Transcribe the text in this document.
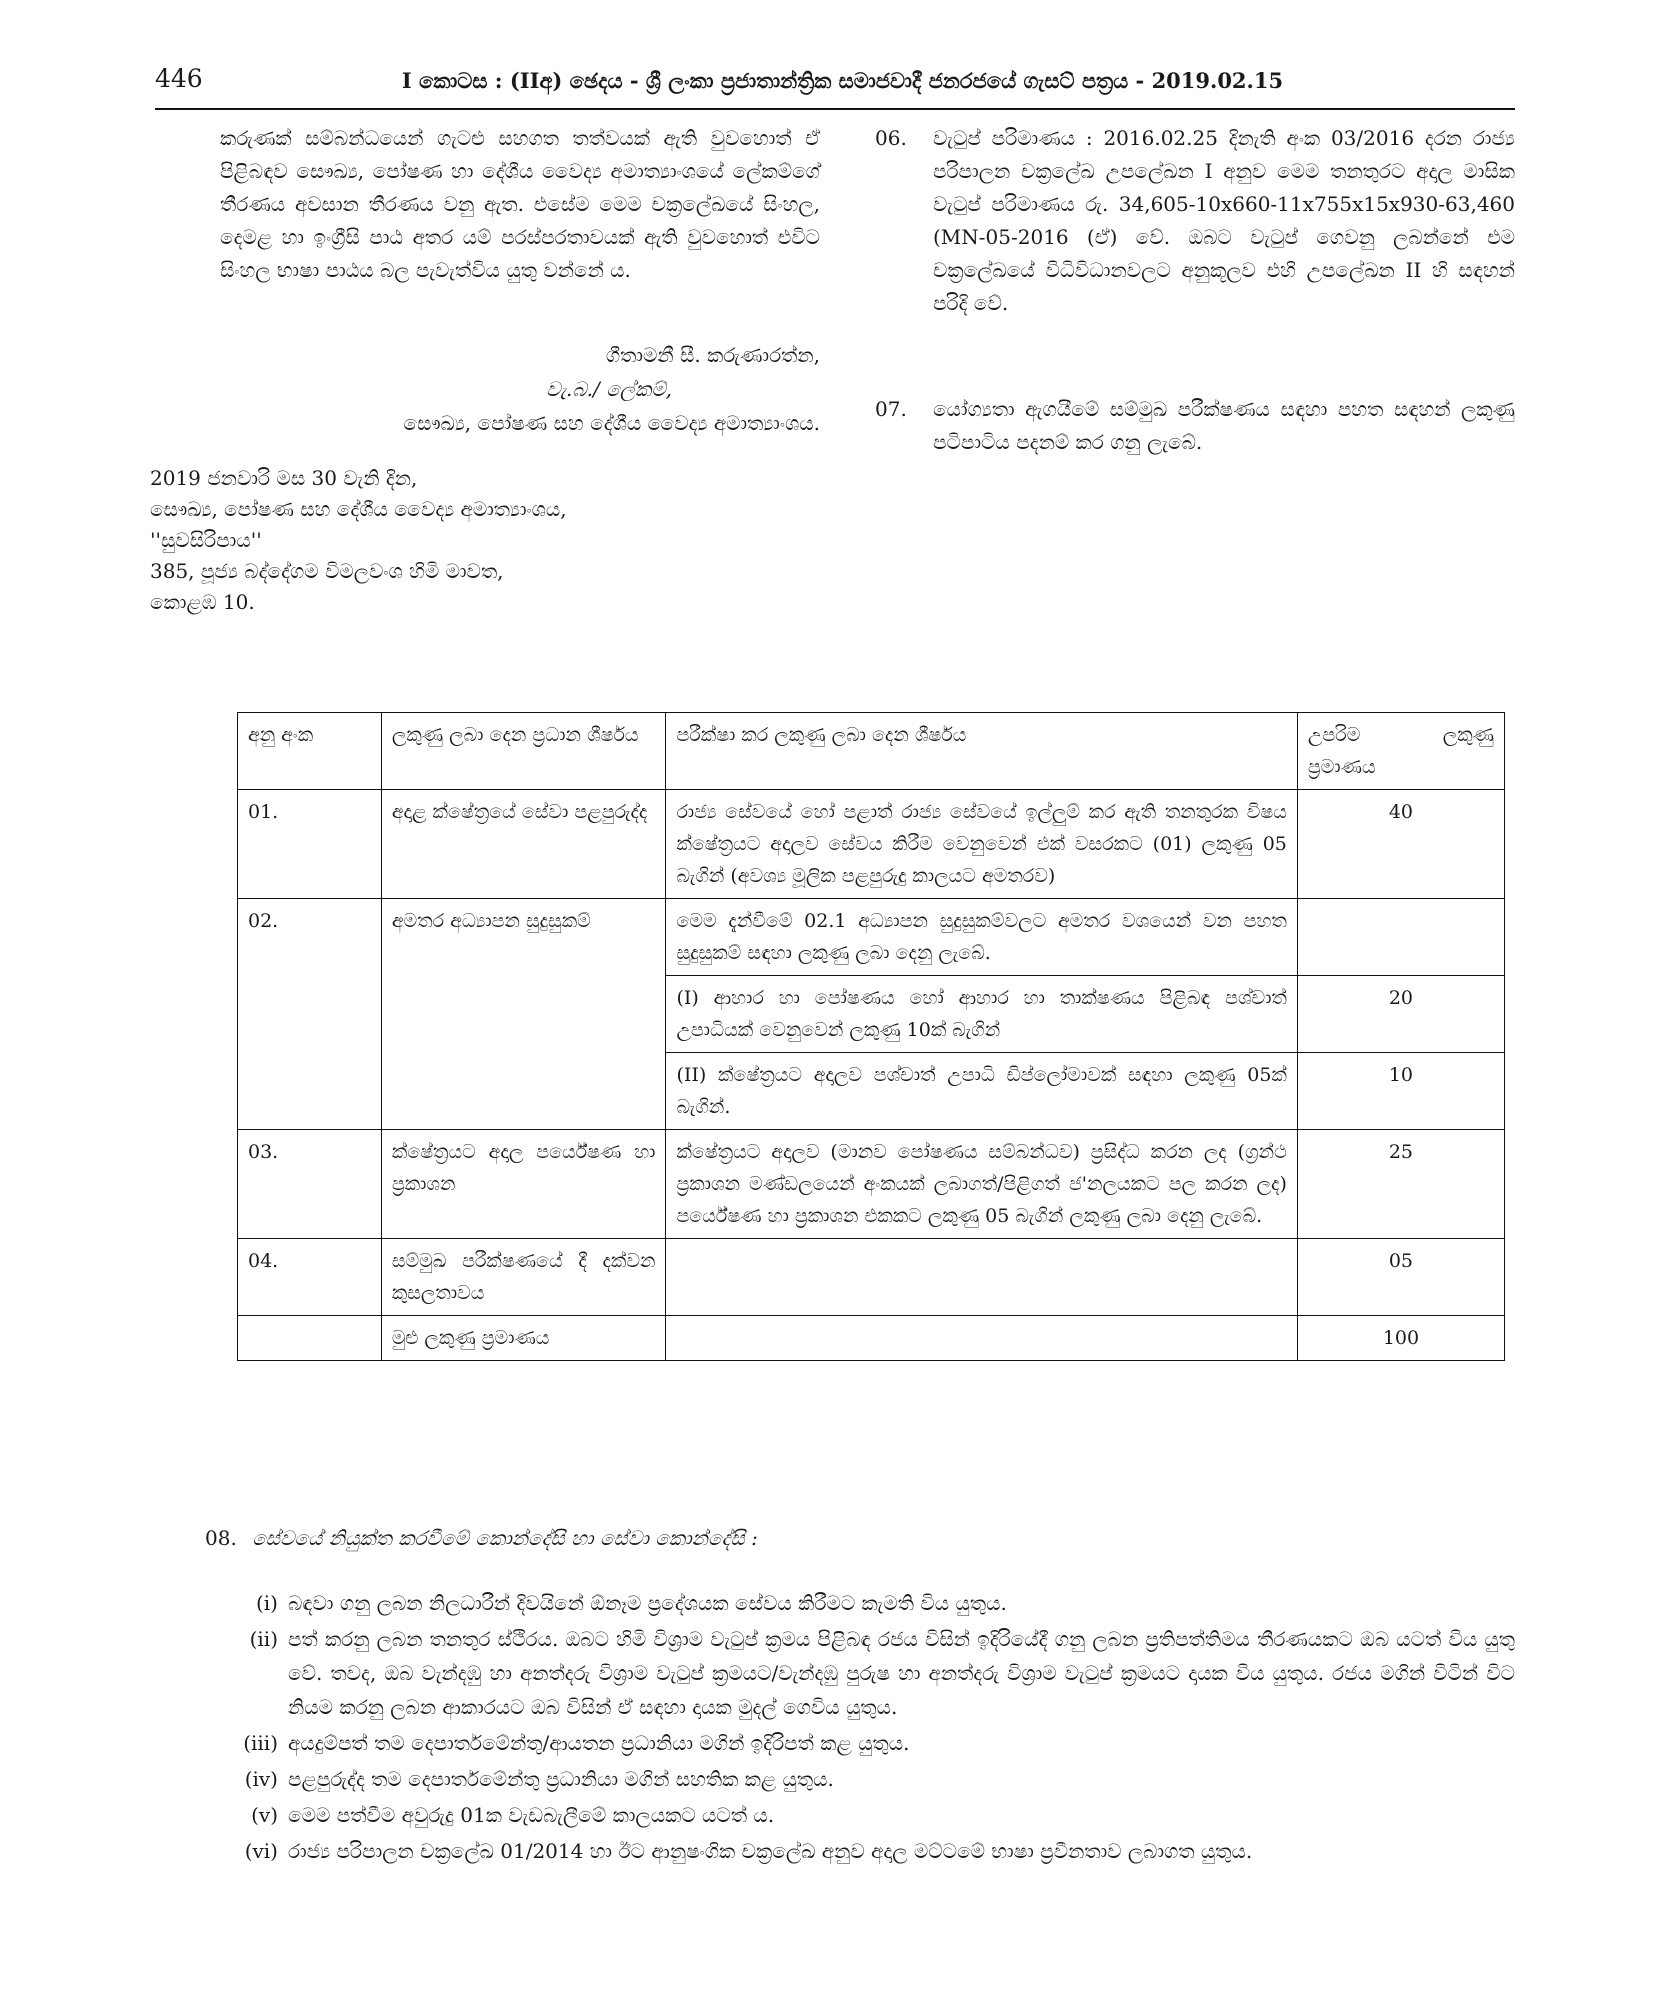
446	I කොටස : (IIඅ) ඡෙදය - ශ්‍රී ලංකා ප්‍රජාතාන්ත්‍රික සමාජවාදී ජනරජයේ ගැසට් පත්‍රය - 2019.02.15

කරුණක් සම්බන්ධයෙන් ගැටළු සහගත තත්වයක් ඇති වුවහොත් ඒ පිළිබඳව සෞඛ්‍ය, පෝෂණ හා දේශීය වෛද්‍ය අමාත්‍යාංශයේ ලේකම්ගේ තීරණය අවසාන තීරණය වනු ඇත. එසේම මෙම චක්‍රලේඛයේ සිංහල, දෙමළ හා ඉංග්‍රීසි පාඨ අතර යම් පරස්පරතාවයක් ඇති වුවහොත් එවිට සිංහල භාෂා පාඨය බල පැවැත්විය යුතු වන්නේ ය.

ගීතාමනී සී. කරුණාරත්න,
වැ.බ./ ලේකම්,
සෞඛ්‍ය, පෝෂණ සහ දේශීය වෛද්‍ය අමාත්‍යාංශය.
2019 ජනවාරි මස 30 වැනි දින,
සෞඛ්‍ය, පෝෂණ සහ දේශීය වෛද්‍ය අමාත්‍යාංශය,
''සුවසිරිපාය''
385, පූජ්‍ය බද්දේගම විමලවංශ හිමි මාවත,
කොළඹ 10.
06. වැටුප් පරිමාණය : 2016.02.25 දිනැති අංක 03/2016 දරන රාජ්‍ය පරිපාලන චක්‍රලේඛ උපලේඛන I අනුව මෙම තනතුරට අදාල මාසික වැටුප් පරිමාණය රු. 34,605-10x660-11x755x15x930-63,460 (MN-05-2016 (ඒ) වේ. ඔබට වැටුප් ගෙවනු ලබන්නේ එම චක්‍රලේඛයේ විධිවිධානවලට අනුකූලව එහි උපලේඛන II හි සඳහන් පරිදි වේ.
07. යෝග්‍යතා ඇගයීමේ සම්මුඛ පරීක්ෂණය සඳහා පහත සඳහන් ලකුණු පටිපාටිය පදනම් කර ගනු ලැබේ.
අනු අංක	ලකුණු ලබා දෙන ප්‍රධාන ශීර්ෂය	පරීක්ෂා කර ලකුණු ලබා දෙන ශීර්ෂය	උපරිම ලකුණු
ප්‍රමාණය

01.	අදාළ ක්ෂේත්‍රයේ සේවා පළපුරුද්ද	රාජ්‍ය සේවයේ හෝ පළාත් රාජ්‍ය සේවයේ ඉල්ලුම් කර ඇති තනතුරක විෂය ක්ෂේත්‍රයට අදාලව සේවය කිරීම වෙනුවෙන් එක් වසරකට (01) ලකුණු 05 බැගින් (අවශ්‍ය මූලික පළපුරුදු කාලයට අමතරව)	40
02.	අමතර අධ්‍යාපන සුදුසුකම්	මෙම දැන්වීමේ 02.1 අධ්‍යාපන සුදුසුකම්වලට අමතර වශයෙන් වන පහත සුදුසුකම් සඳහා ලකුණු ලබා දෙනු ලැබේ.	
		(I) ආහාර හා පෝෂණය හෝ ආහාර හා තාක්ෂණය පිළිබඳ පශ්චාත් උපාධියක් වෙනුවෙන් ලකුණු 10ක් බැගින්	20
		(II) ක්ෂේත්‍රයට අදාලව පශ්චාත් උපාධි ඩිප්ලෝමාවක් සඳහා ලකුණු 05ක් බැගින්.	10
03.	ක්ෂේත්‍රයට අදාල පර්යේෂණ හා ප්‍රකාශන	ක්ෂේත්‍රයට අදාලව (මානව පෝෂණය සම්බන්ධව) ප්‍රසිද්ධ කරන ලද (ග්‍රන්ථ ප්‍රකාශන මණ්ඩලයෙන් අංකයක් ලබාගත්/පිළිගත් ජ'නලයකට පල කරන ලද) පර්යේෂණ හා ප්‍රකාශන එකකට ලකුණු 05 බැගින් ලකුණු ලබා දෙනු ලැබේ.	25
04.	සම්මුඛ පරීක්ෂණයේ දී දක්වන කුසලතාවය		05
	මුළු ලකුණු ප්‍රමාණය		100
08. සේවයේ නියුක්ත කරවීමේ කොන්දේසි හා සේවා කොන්දේසි :
(i) බඳවා ගනු ලබන නිලධාරීන් දිවයිනේ ඕනෑම ප්‍රදේශයක සේවය කිරීමට කැමති විය යුතුය.
(ii) පත් කරනු ලබන තනතුර ස්ථිරය. ඔබට හිමි විශ්‍රාම වැටුප් ක්‍රමය පිළිබඳ රජය විසින් ඉදිරියේදී ගනු ලබන ප්‍රතිපත්තිමය තීරණයකට ඔබ යටත් විය යුතු වේ. තවද, ඔබ වැන්දඹු හා අනත්දරු විශ්‍රාම වැටුප් ක්‍රමයට/වැන්දඹු පුරුෂ හා අනත්දරු විශ්‍රාම වැටුප් ක්‍රමයට දායක විය යුතුය. රජය මගින් විටින් විට නියම කරනු ලබන ආකාරයට ඔබ විසින් ඒ සඳහා දායක මුදල් ගෙවිය යුතුය.
(iii) අයදුම්පත් තම දෙපාර්තමේන්තු/ආයතන ප්‍රධානියා මගින් ඉදිරිපත් කළ යුතුය.
(iv) පළපුරුද්ද තම දෙපාර්තමේන්තු ප්‍රධානියා මගින් සහතික කළ යුතුය.
(v) මෙම පත්වීම අවුරුදු 01ක වැඩබැලීමේ කාලයකට යටත් ය.
(vi) රාජ්‍ය පරිපාලන චක්‍රලේඛ 01/2014 හා ඊට ආනුෂංගික චක්‍රලේඛ අනුව අදාල මට්ටමේ භාෂා ප්‍රවීනතාව ලබාගත යුතුය.
